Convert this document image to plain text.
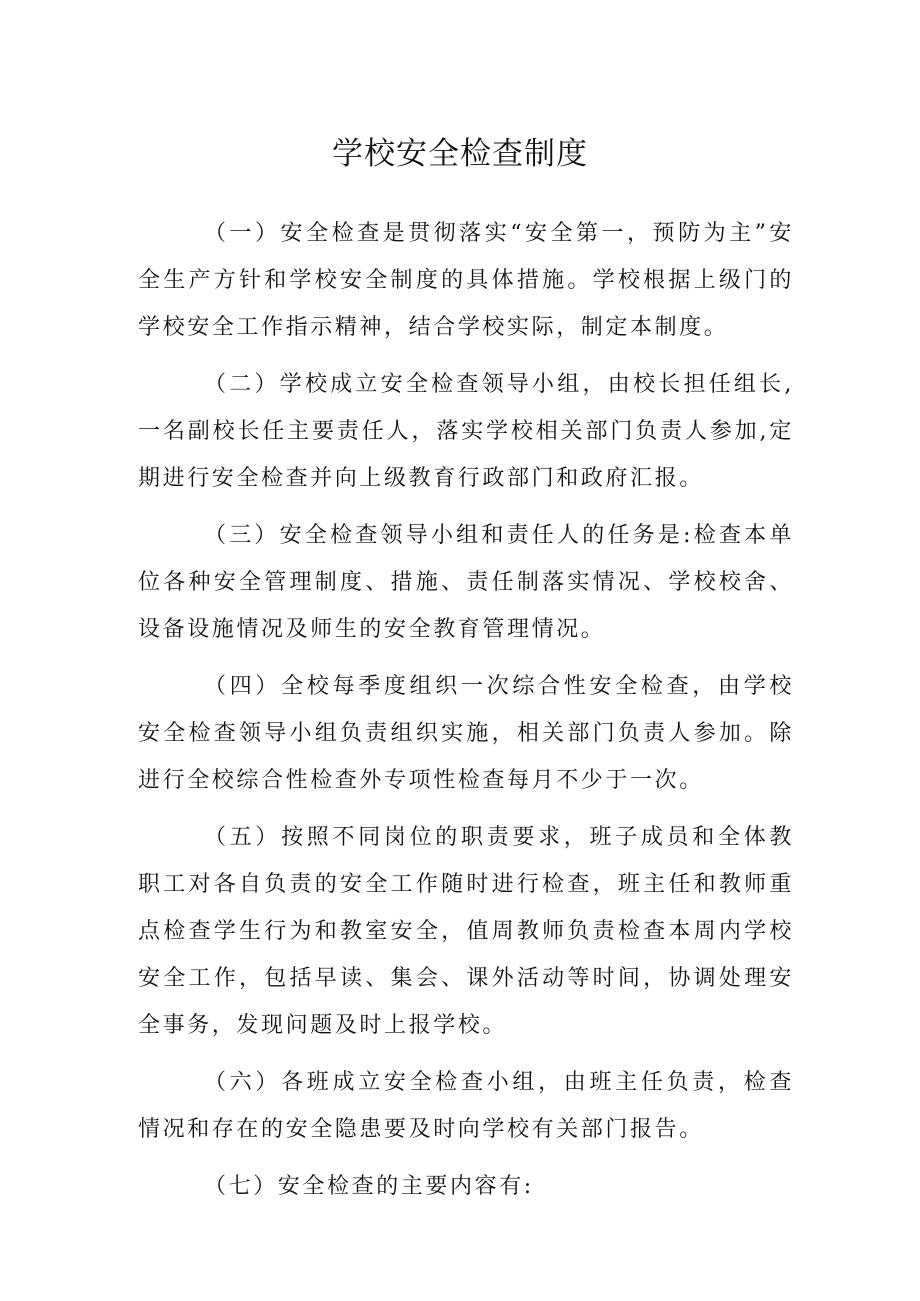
学校安全检查制度

（一）安全检查是贯彻落实“安全第一，预防为主”安全生产方针和学校安全制度的具体措施。学校根据上级门的学校安全工作指示精神，结合学校实际，制定本制度。

（二）学校成立安全检查领导小组，由校长担任组长,一名副校长任主要责任人，落实学校相关部门负责人参加,定期进行安全检查并向上级教育行政部门和政府汇报。

（三）安全检查领导小组和责任人的任务是:检查本单位各种安全管理制度、措施、责任制落实情况、学校校舍、设备设施情况及师生的安全教育管理情况。

（四）全校每季度组织一次综合性安全检查，由学校安全检查领导小组负责组织实施，相关部门负责人参加。除进行全校综合性检查外专项性检查每月不少于一次。

（五）按照不同岗位的职责要求，班子成员和全体教职工对各自负责的安全工作随时进行检查，班主任和教师重点检查学生行为和教室安全，值周教师负责检查本周内学校安全工作，包括早读、集会、课外活动等时间，协调处理安全事务，发现问题及时上报学校。

（六）各班成立安全检查小组，由班主任负责，检查情况和存在的安全隐患要及时向学校有关部门报告。

（七）安全检查的主要内容有:
